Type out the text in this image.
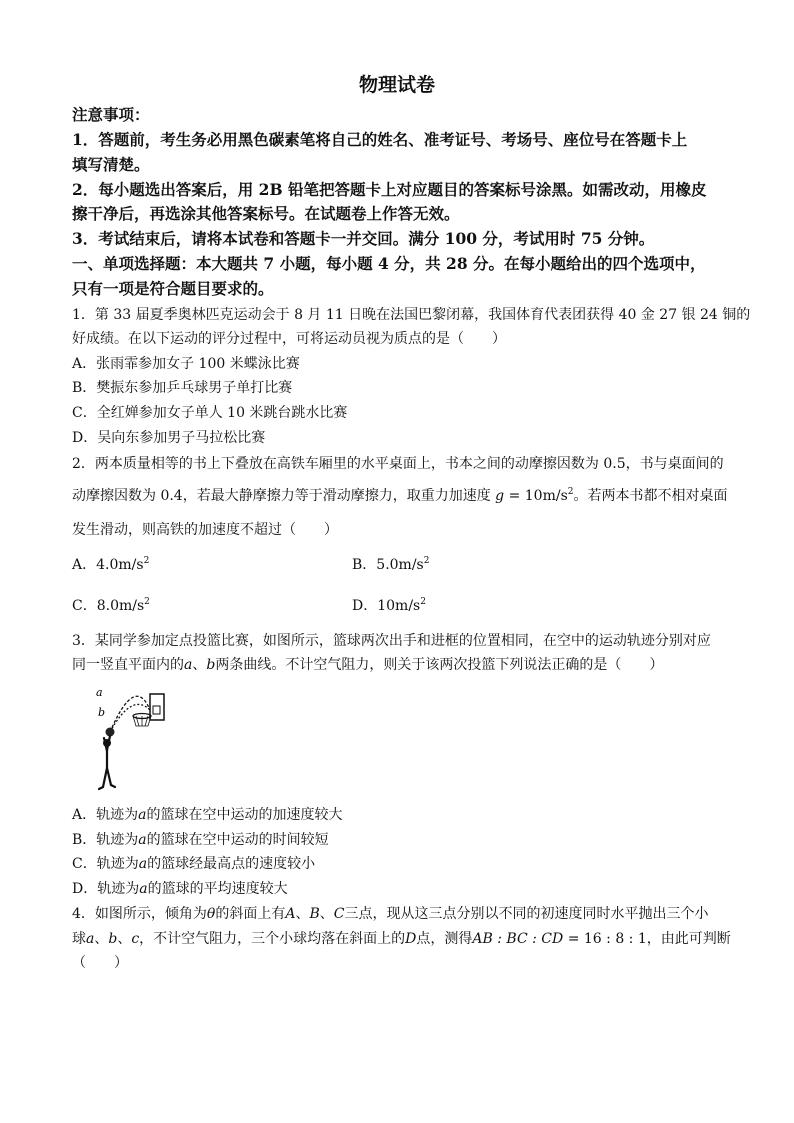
物理试卷
注意事项：
1．答题前，考生务必用黑色碳素笔将自己的姓名、准考证号、考场号、座位号在答题卡上
填写清楚。
2．每小题选出答案后，用 2B 铅笔把答题卡上对应题目的答案标号涂黑。如需改动，用橡皮
擦干净后，再选涂其他答案标号。在试题卷上作答无效。
3．考试结束后，请将本试卷和答题卡一并交回。满分 100 分，考试用时 75 分钟。
一、单项选择题：本大题共 7 小题，每小题 4 分，共 28 分。在每小题给出的四个选项中，
只有一项是符合题目要求的。
1．第 33 届夏季奥林匹克运动会于 8 月 11 日晚在法国巴黎闭幕，我国体育代表团获得 40 金 27 银 24 铜的
好成绩。在以下运动的评分过程中，可将运动员视为质点的是（　　）
A．张雨霏参加女子 100 米蝶泳比赛
B．樊振东参加乒乓球男子单打比赛
C．全红婵参加女子单人 10 米跳台跳水比赛
D．吴向东参加男子马拉松比赛
2．两本质量相等的书上下叠放在高铁车厢里的水平桌面上，书本之间的动摩擦因数为 0.5，书与桌面间的
动摩擦因数为 0.4，若最大静摩擦力等于滑动摩擦力，取重力加速度 $g = 10m/s^2$。若两本书都不相对桌面
发生滑动，则高铁的加速度不超过（　　）
A．$4.0m/s^2$	B．$5.0m/s^2$
C．$8.0m/s^2$	D．$10m/s^2$
3．某同学参加定点投篮比赛，如图所示，篮球两次出手和进框的位置相同，在空中的运动轨迹分别对应
同一竖直平面内的a、b两条曲线。不计空气阻力，则关于该两次投篮下列说法正确的是（　　）
a
b
A．轨迹为a的篮球在空中运动的加速度较大
B．轨迹为a的篮球在空中运动的时间较短
C．轨迹为a的篮球经最高点的速度较小
D．轨迹为a的篮球的平均速度较大
4．如图所示，倾角为θ的斜面上有A、B、C三点，现从这三点分别以不同的初速度同时水平抛出三个小
球a、b、c，不计空气阻力，三个小球均落在斜面上的D点，测得AB : BC : CD = 16 : 8 : 1，由此可判断
（　　）
